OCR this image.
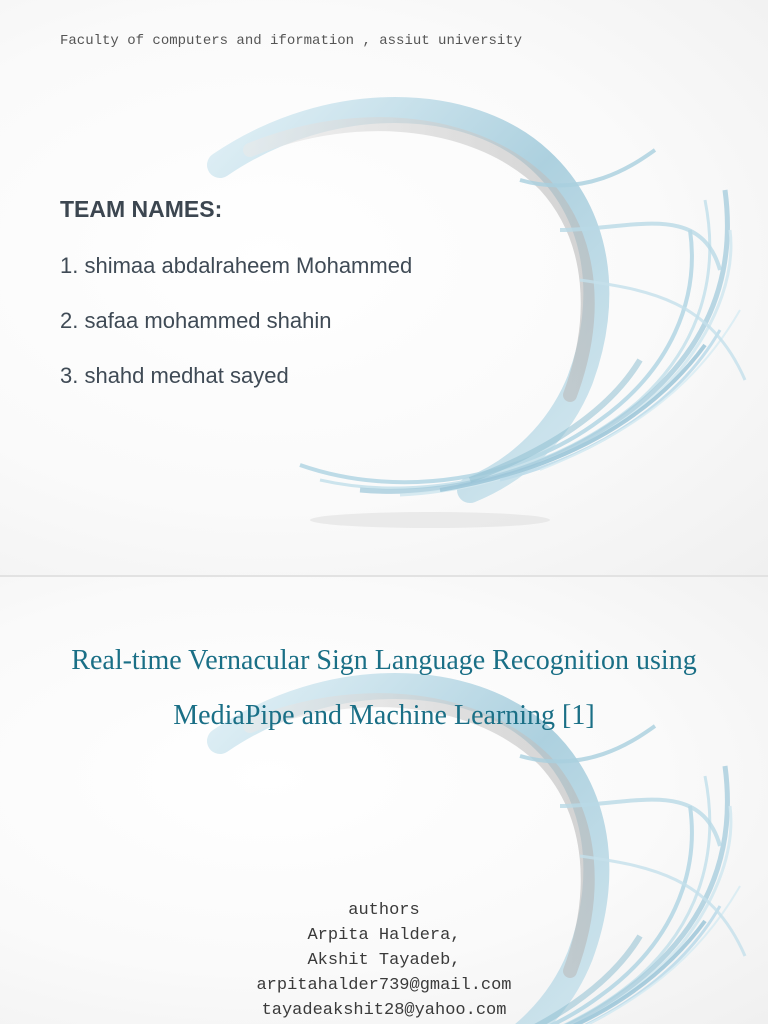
Faculty of computers and iformation , assiut university
TEAM NAMES:
1. shimaa abdalraheem Mohammed
2. safaa mohammed shahin
3. shahd medhat sayed
Real-time Vernacular Sign Language Recognition using MediaPipe and Machine Learning [1]
authors
Arpita Haldera,
Akshit Tayadeb,
arpitahalder739@gmail.com
tayadeakshit28@yahoo.com
